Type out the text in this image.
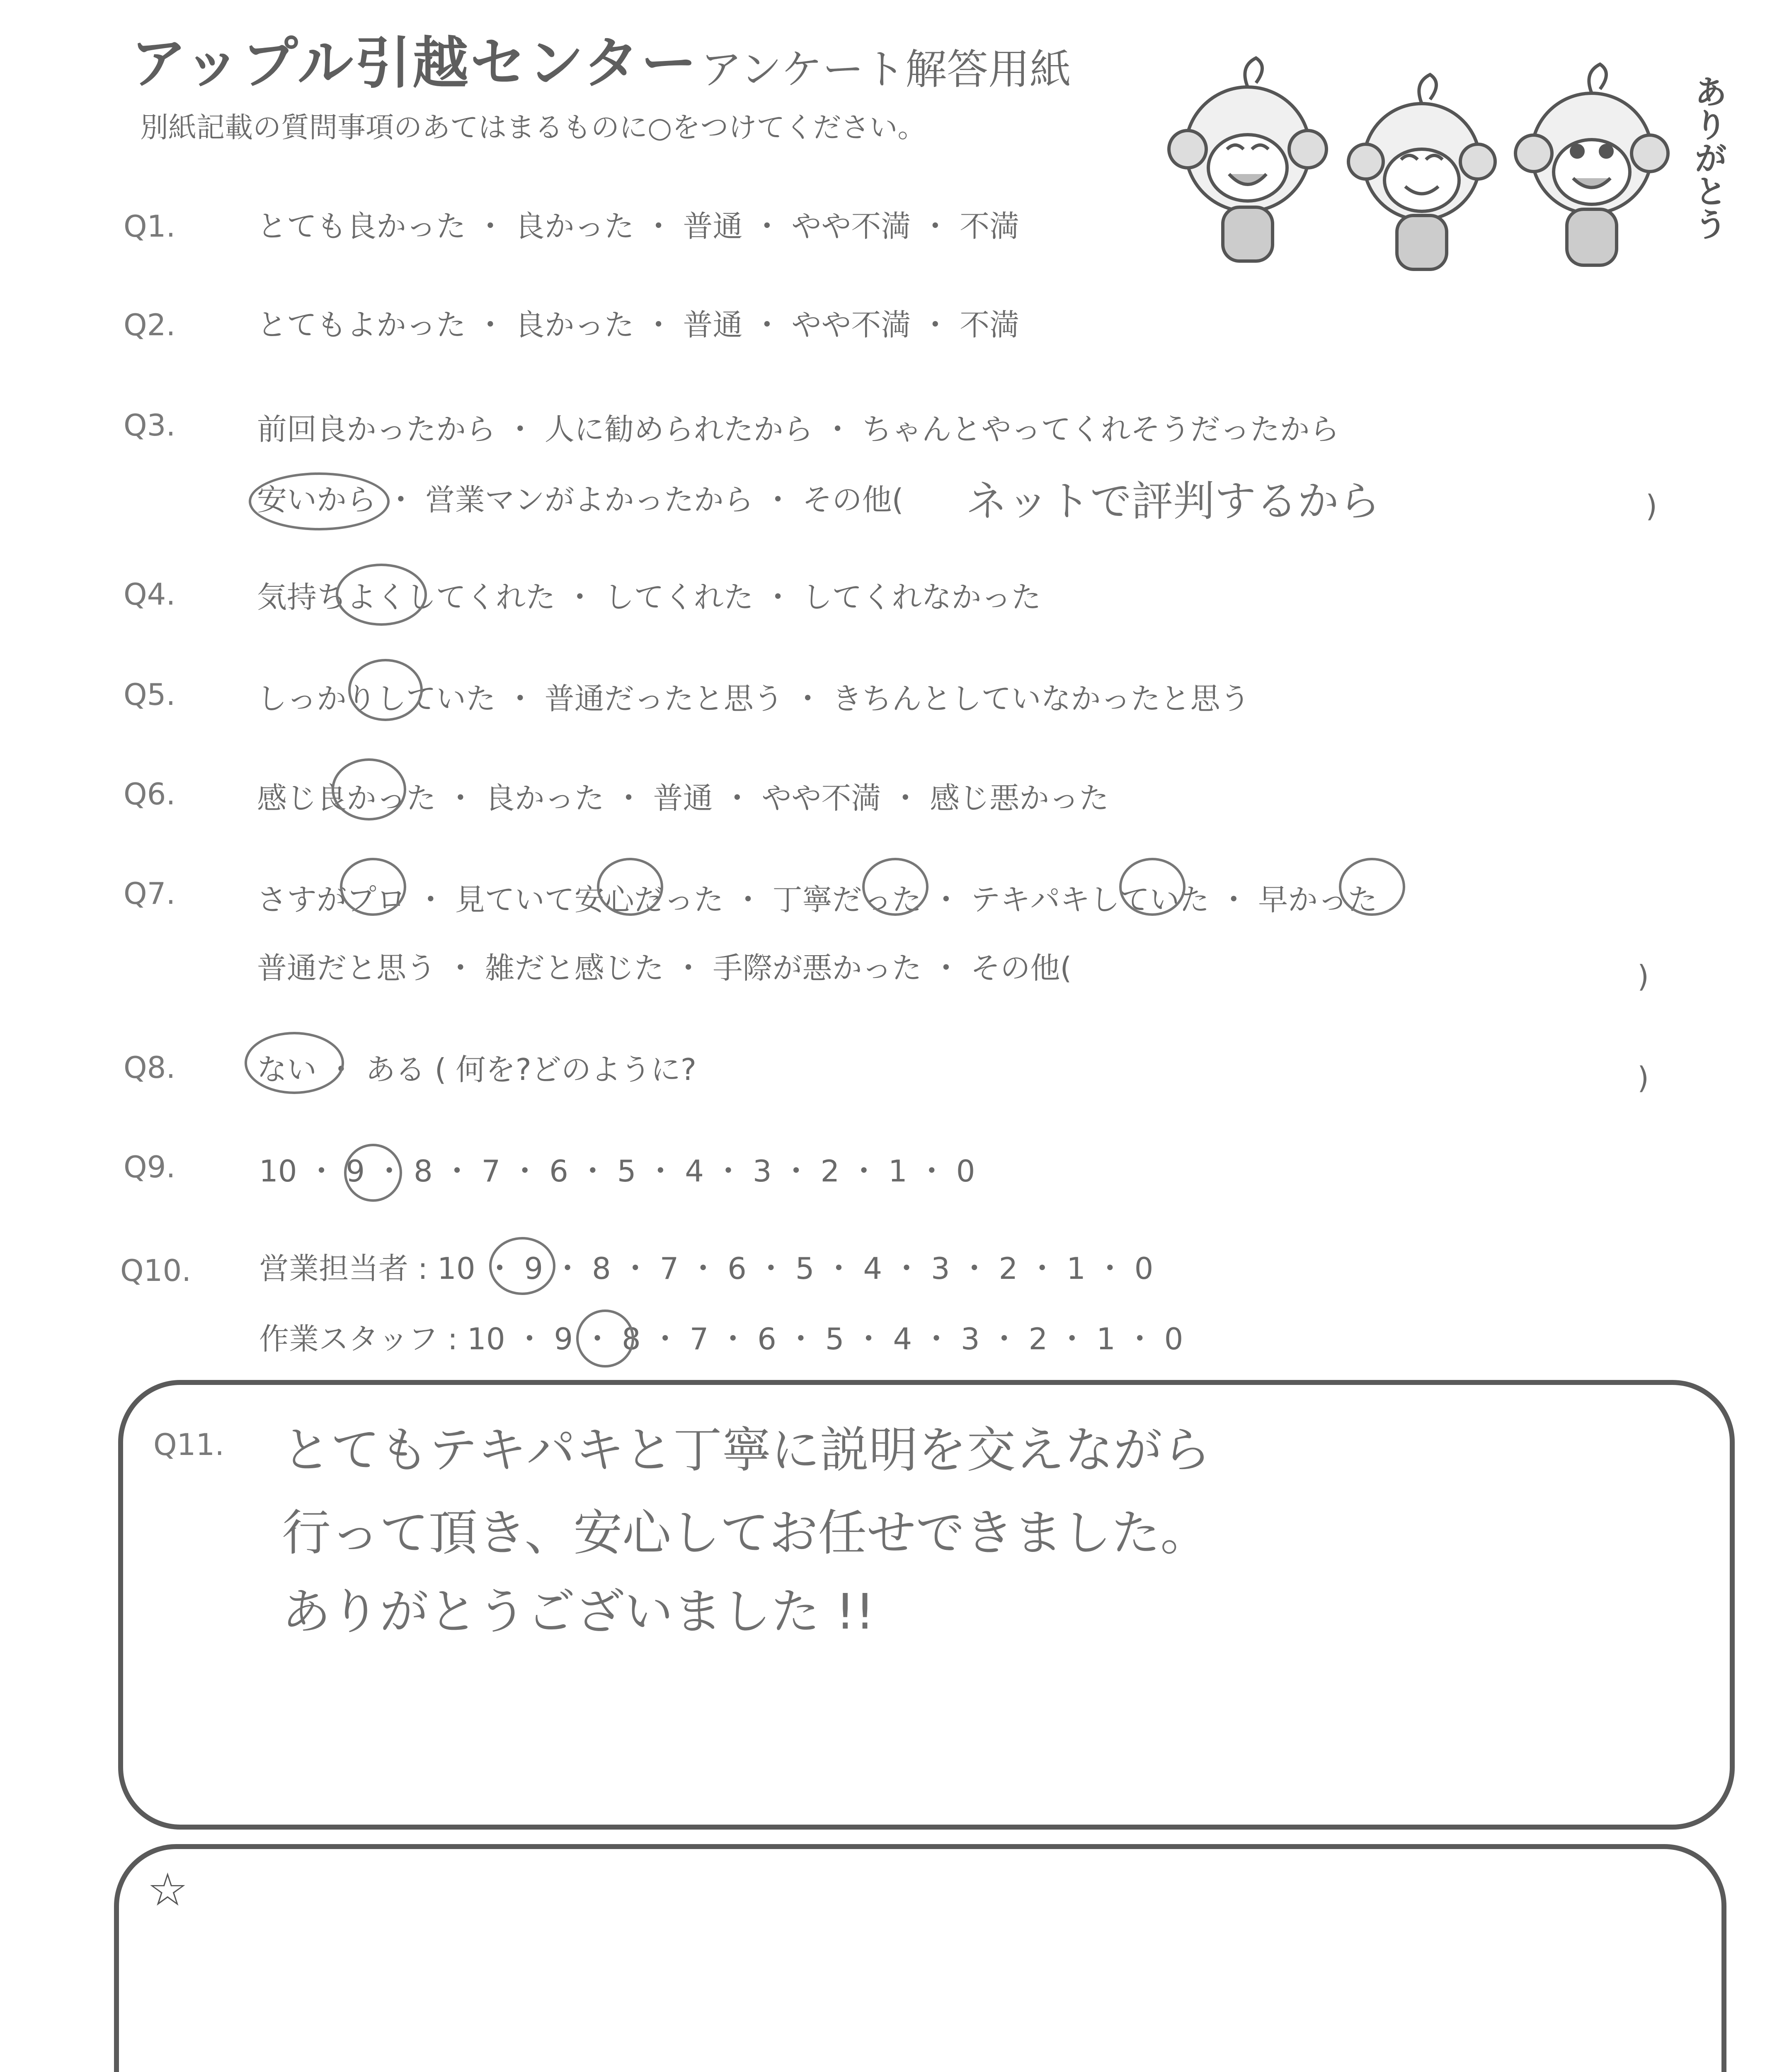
アップル引越センター アンケート解答用紙
別紙記載の質問事項のあてはまるものに○をつけてください。	ありがとう
Q1.	とても良かった ・ 良かった ・ 普通 ・ やや不満 ・ 不満
Q2.	とてもよかった ・ 良かった ・ 普通 ・ やや不満 ・ 不満
Q3.	前回良かったから ・ 人に勧められたから ・ ちゃんとやってくれそうだったから
安いから ・ 営業マンがよかったから ・ その他( ネットで評判するから	)
Q4.	気持ちよくしてくれた ・ してくれた ・ してくれなかった
Q5.	しっかりしていた ・ 普通だったと思う ・ きちんとしていなかったと思う
Q6.	感じ良かった ・ 良かった ・ 普通 ・ やや不満 ・ 感じ悪かった
Q7.	さすがプロ ・ 見ていて安心だった ・ 丁寧だった ・ テキパキしていた ・ 早かった
普通だと思う ・ 雑だと感じた ・ 手際が悪かった ・ その他(	)
Q8.	ない ・ ある ( 何を?どのように?	)
Q9.	10 ・ 9 ・ 8 ・ 7 ・ 6 ・ 5 ・ 4 ・ 3 ・ 2 ・ 1 ・ 0
Q10. 営業担当者 : 10 ・ 9 ・ 8 ・ 7 ・ 6 ・ 5 ・ 4 ・ 3 ・ 2 ・ 1 ・ 0
作業スタッフ : 10 ・ 9 ・ 8 ・ 7 ・ 6 ・ 5 ・ 4 ・ 3 ・ 2 ・ 1 ・ 0
Q11. とてもテキパキと丁寧に説明を交えながら
行って頂き、安心してお任せできました。
ありがとうございました !!
☆
